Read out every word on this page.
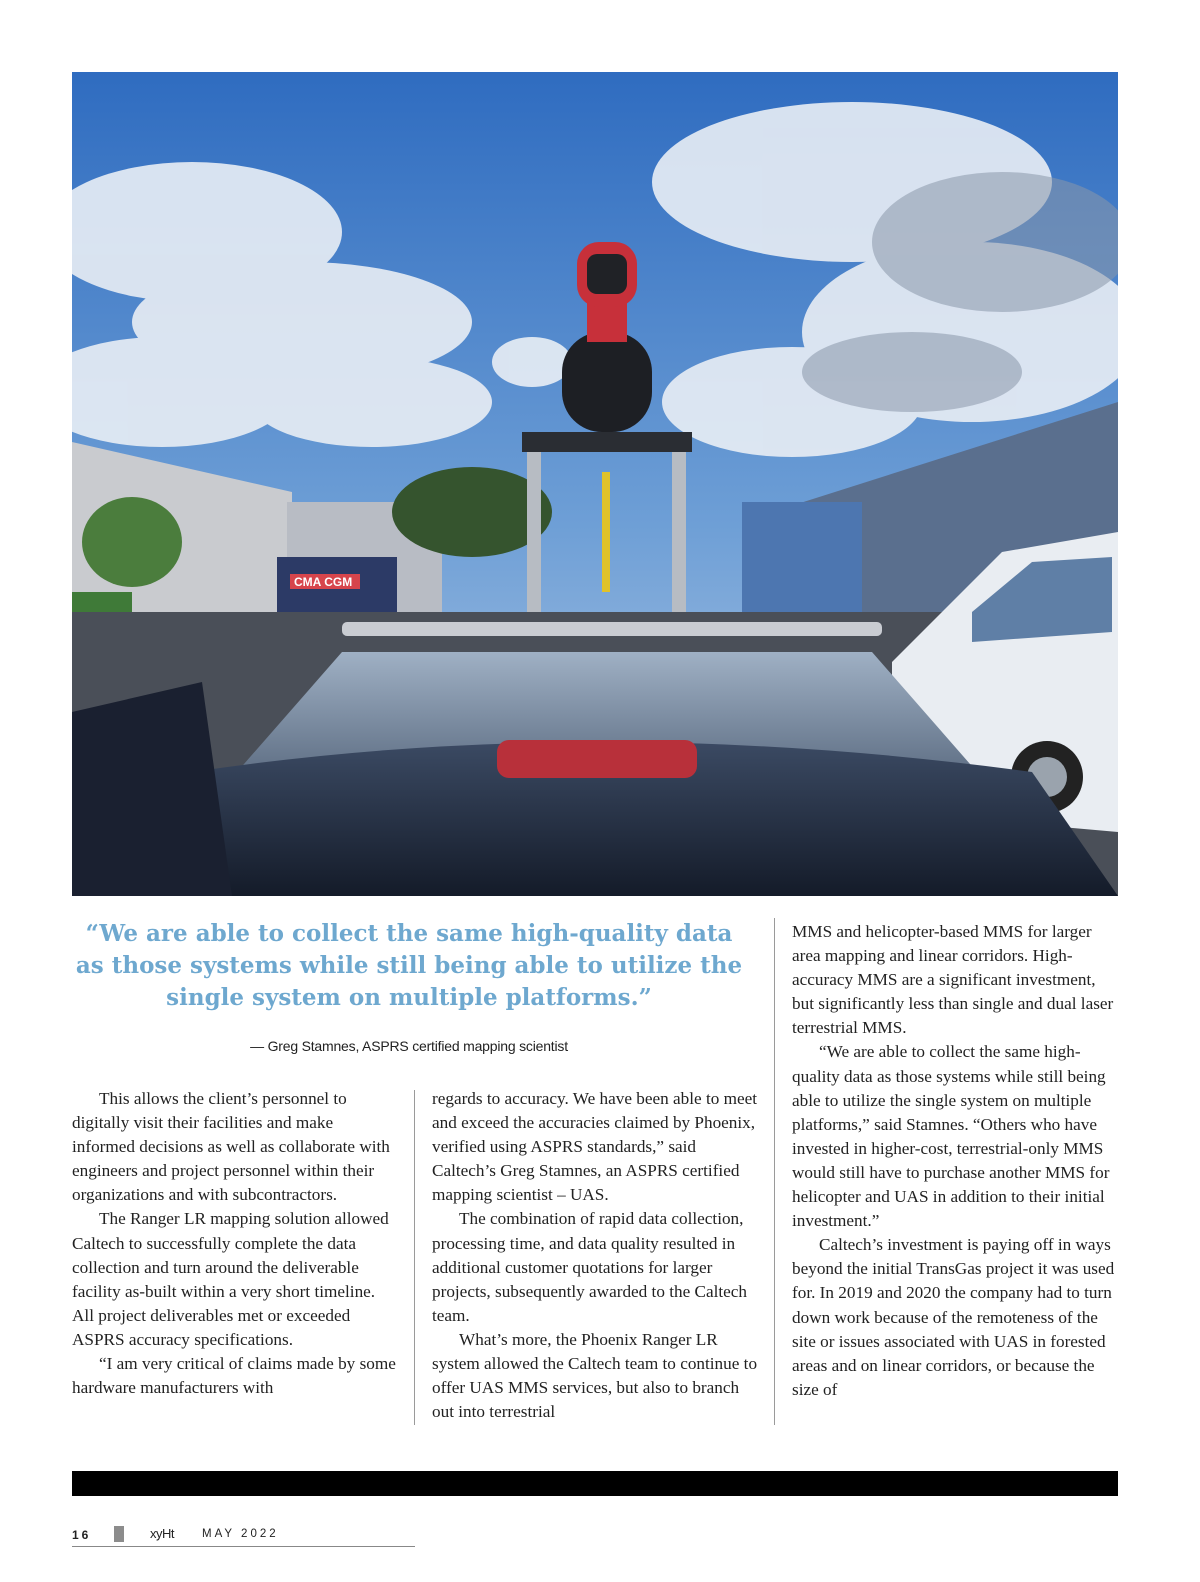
CMA CGM

“We are able to collect the same high-quality data as those systems while still being able to utilize the single system on multiple platforms.”

— Greg Stamnes, ASPRS certified mapping scientist

This allows the client’s personnel to digitally visit their facilities and make informed decisions as well as collaborate with engineers and project personnel within their organizations and with subcontractors.

The Ranger LR mapping solution allowed Caltech to successfully complete the data collection and turn around the deliverable facility as-built within a very short timeline. All project deliverables met or exceeded ASPRS accuracy specifications.

“I am very critical of claims made by some hardware manufacturers with

regards to accuracy. We have been able to meet and exceed the accuracies claimed by Phoenix, verified using ASPRS standards,” said Caltech’s Greg Stamnes, an ASPRS certified mapping scientist – UAS.

The combination of rapid data collection, processing time, and data quality resulted in additional customer quotations for larger projects, subsequently awarded to the Caltech team.

What’s more, the Phoenix Ranger LR system allowed the Caltech team to continue to offer UAS MMS services, but also to branch out into terrestrial

MMS and helicopter-based MMS for larger area mapping and linear corridors. High-accuracy MMS are a significant investment, but significantly less than single and dual laser terrestrial MMS.

“We are able to collect the same high-quality data as those systems while still being able to utilize the single system on multiple platforms,” said Stamnes. “Others who have invested in higher-cost, terrestrial-only MMS would still have to purchase another MMS for helicopter and UAS in addition to their initial investment.”

Caltech’s investment is paying off in ways beyond the initial TransGas project it was used for. In 2019 and 2020 the company had to turn down work because of the remoteness of the site or issues associated with UAS in forested areas and on linear corridors, or because the size of

16	xyHt MAY 2022
